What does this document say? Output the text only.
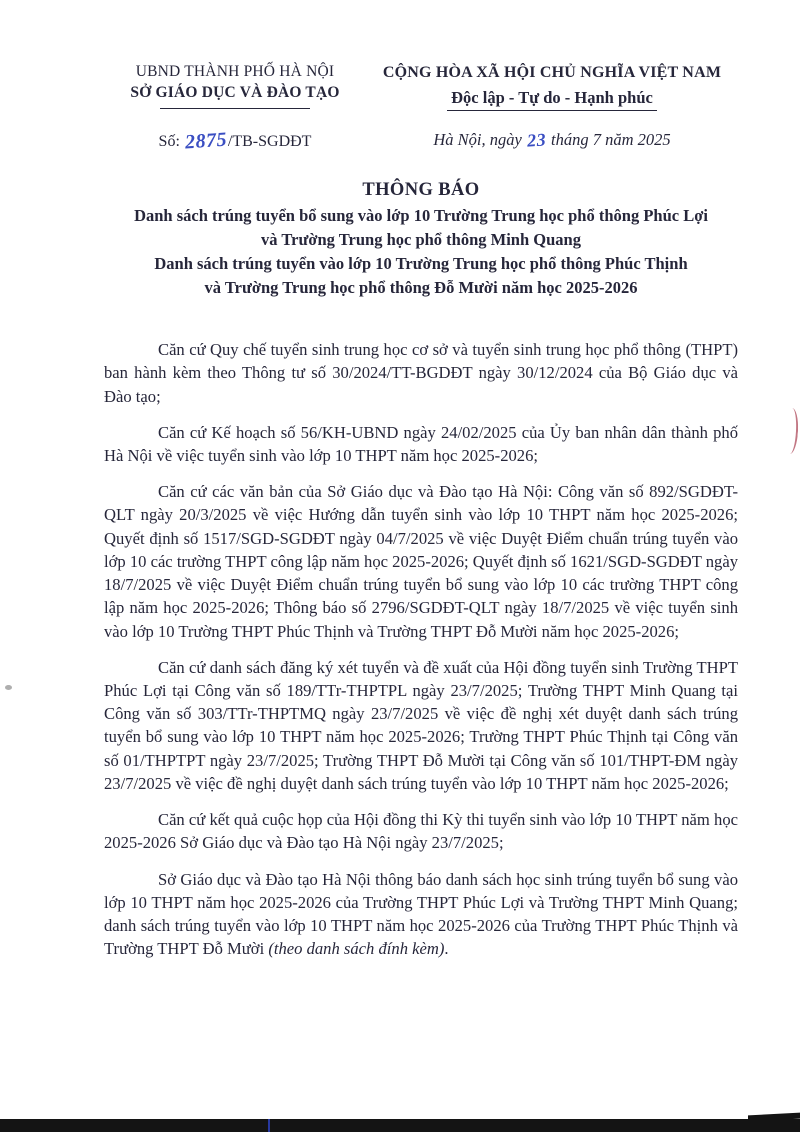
UBND THÀNH PHỐ HÀ NỘI
SỞ GIÁO DỤC VÀ ĐÀO TẠO
Số: 2875/TB-SGDĐT
CỘNG HÒA XÃ HỘI CHỦ NGHĨA VIỆT NAM
Độc lập - Tự do - Hạnh phúc
Hà Nội, ngày 23 tháng 7 năm 2025
THÔNG BÁO
Danh sách trúng tuyển bổ sung vào lớp 10 Trường Trung học phổ thông Phúc Lợi
và Trường Trung học phổ thông Minh Quang
Danh sách trúng tuyển vào lớp 10 Trường Trung học phổ thông Phúc Thịnh
và Trường Trung học phổ thông Đỗ Mười năm học 2025-2026

Căn cứ Quy chế tuyển sinh trung học cơ sở và tuyển sinh trung học phổ thông (THPT) ban hành kèm theo Thông tư số 30/2024/TT-BGDĐT ngày 30/12/2024 của Bộ Giáo dục và Đào tạo;

Căn cứ Kế hoạch số 56/KH-UBND ngày 24/02/2025 của Ủy ban nhân dân thành phố Hà Nội về việc tuyển sinh vào lớp 10 THPT năm học 2025-2026;

Căn cứ các văn bản của Sở Giáo dục và Đào tạo Hà Nội: Công văn số 892/SGDĐT-QLT ngày 20/3/2025 về việc Hướng dẫn tuyển sinh vào lớp 10 THPT năm học 2025-2026; Quyết định số 1517/SGD-SGDĐT ngày 04/7/2025 về việc Duyệt Điểm chuẩn trúng tuyển vào lớp 10 các trường THPT công lập năm học 2025-2026; Quyết định số 1621/SGD-SGDĐT ngày 18/7/2025 về việc Duyệt Điểm chuẩn trúng tuyển bổ sung vào lớp 10 các trường THPT công lập năm học 2025-2026; Thông báo số 2796/SGDĐT-QLT ngày 18/7/2025 về việc tuyển sinh vào lớp 10 Trường THPT Phúc Thịnh và Trường THPT Đỗ Mười năm học 2025-2026;

Căn cứ danh sách đăng ký xét tuyển và đề xuất của Hội đồng tuyển sinh Trường THPT Phúc Lợi tại Công văn số 189/TTr-THPTPL ngày 23/7/2025; Trường THPT Minh Quang tại Công văn số 303/TTr-THPTMQ ngày 23/7/2025 về việc đề nghị xét duyệt danh sách trúng tuyển bổ sung vào lớp 10 THPT năm học 2025-2026; Trường THPT Phúc Thịnh tại Công văn số 01/THPTPT ngày 23/7/2025; Trường THPT Đỗ Mười tại Công văn số 101/THPT-ĐM ngày 23/7/2025 về việc đề nghị duyệt danh sách trúng tuyển vào lớp 10 THPT năm học 2025-2026;

Căn cứ kết quả cuộc họp của Hội đồng thi Kỳ thi tuyển sinh vào lớp 10 THPT năm học 2025-2026 Sở Giáo dục và Đào tạo Hà Nội ngày 23/7/2025;

Sở Giáo dục và Đào tạo Hà Nội thông báo danh sách học sinh trúng tuyển bổ sung vào lớp 10 THPT năm học 2025-2026 của Trường THPT Phúc Lợi và Trường THPT Minh Quang; danh sách trúng tuyển vào lớp 10 THPT năm học 2025-2026 của Trường THPT Phúc Thịnh và Trường THPT Đỗ Mười (theo danh sách đính kèm).
